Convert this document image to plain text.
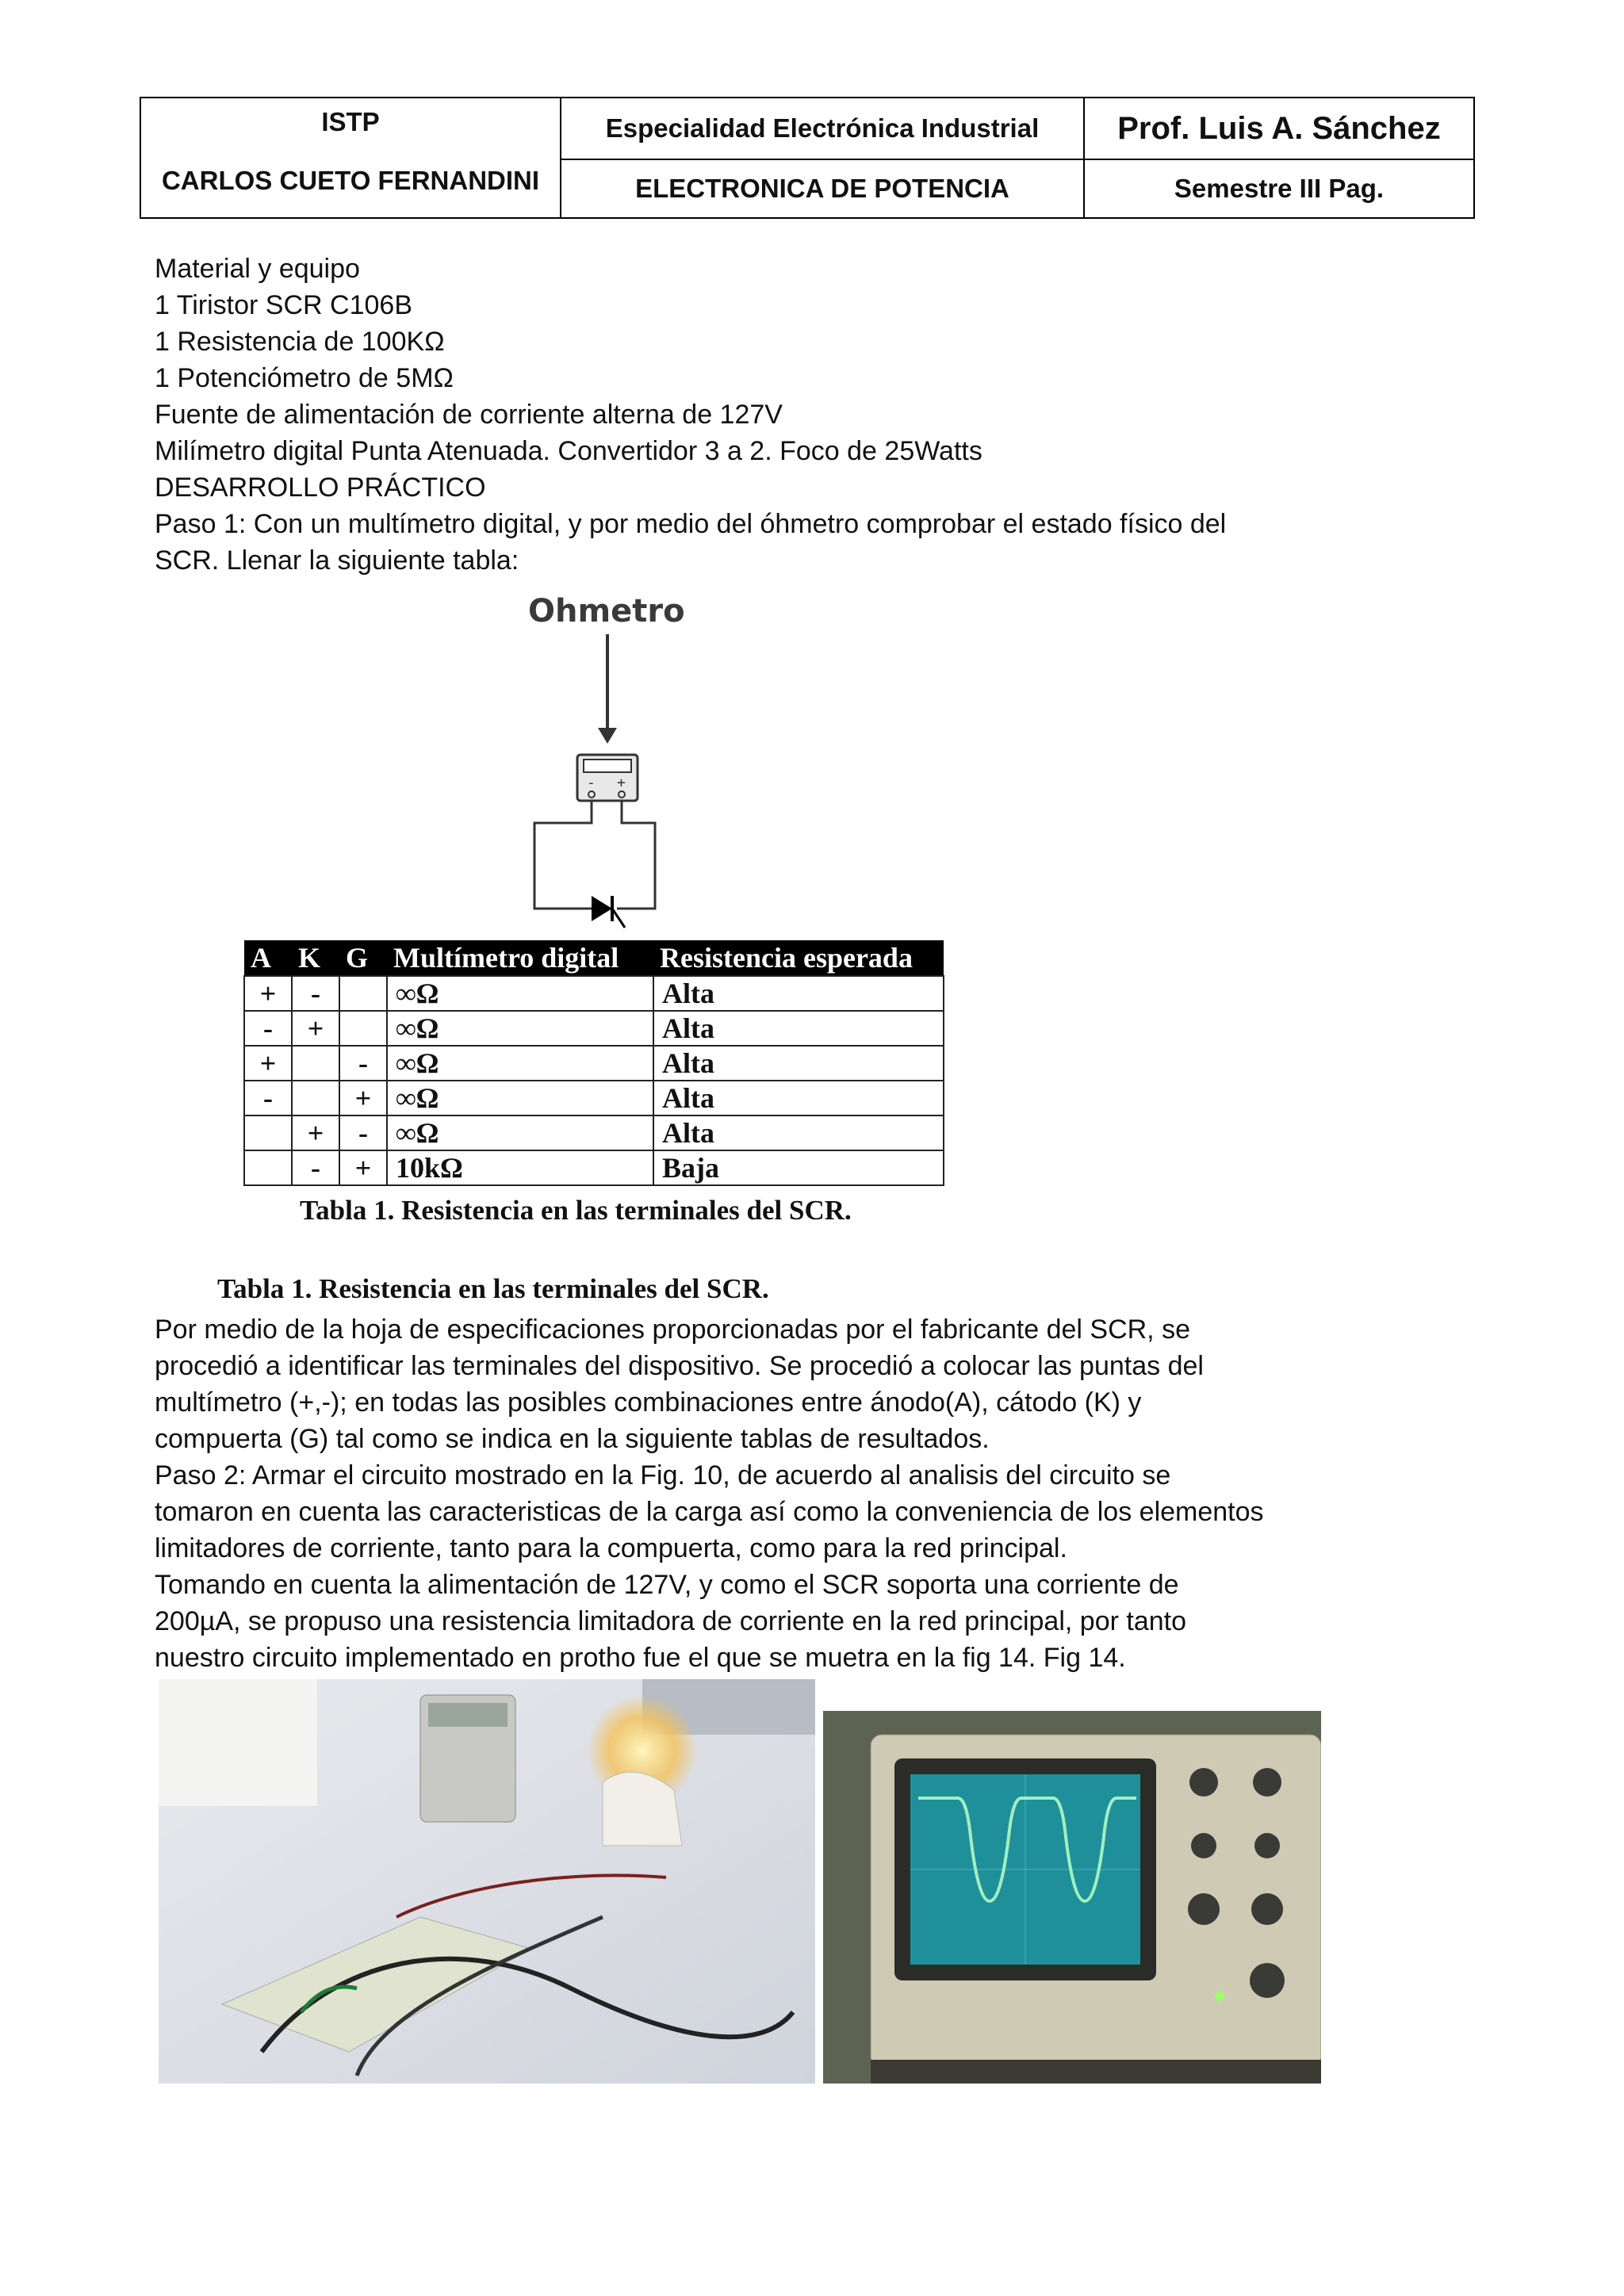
ISTP
CARLOS CUETO FERNANDINI	Especialidad Electrónica Industrial	Prof. Luis A. Sánchez
	ELECTRONICA DE POTENCIA	Semestre III Pag.
Material y equipo
1 Tiristor SCR C106B
1 Resistencia de 100KΩ
1 Potenciómetro de 5MΩ
Fuente de alimentación de corriente alterna de 127V
Milímetro digital Punta Atenuada. Convertidor 3 a 2. Foco de 25Watts
DESARROLLO PRÁCTICO
Paso 1: Con un multímetro digital, y por medio del óhmetro comprobar el estado físico del
SCR. Llenar la siguiente tabla:
Ohmetro
- +
A	K	G	Multímetro digital	Resistencia esperada
+	-		∞Ω	Alta
-	+		∞Ω	Alta
+		-	∞Ω	Alta
-		+	∞Ω	Alta
	+	-	∞Ω	Alta
	-	+	10kΩ	Baja
Tabla 1. Resistencia en las terminales del SCR.
Tabla 1. Resistencia en las terminales del SCR.
Por medio de la hoja de especificaciones proporcionadas por el fabricante del SCR, se
procedió a identificar las terminales del dispositivo. Se procedió a colocar las puntas del
multímetro (+,-); en todas las posibles combinaciones entre ánodo(A), cátodo (K) y
compuerta (G) tal como se indica en la siguiente tablas de resultados.
Paso 2: Armar el circuito mostrado en la Fig. 10, de acuerdo al analisis del circuito se
tomaron en cuenta las caracteristicas de la carga así como la conveniencia de los elementos
limitadores de corriente, tanto para la compuerta, como para la red principal.
Tomando en cuenta la alimentación de 127V, y como el SCR soporta una corriente de
200µA, se propuso una resistencia limitadora de corriente en la red principal, por tanto
nuestro circuito implementado en protho fue el que se muetra en la fig 14. Fig 14.
